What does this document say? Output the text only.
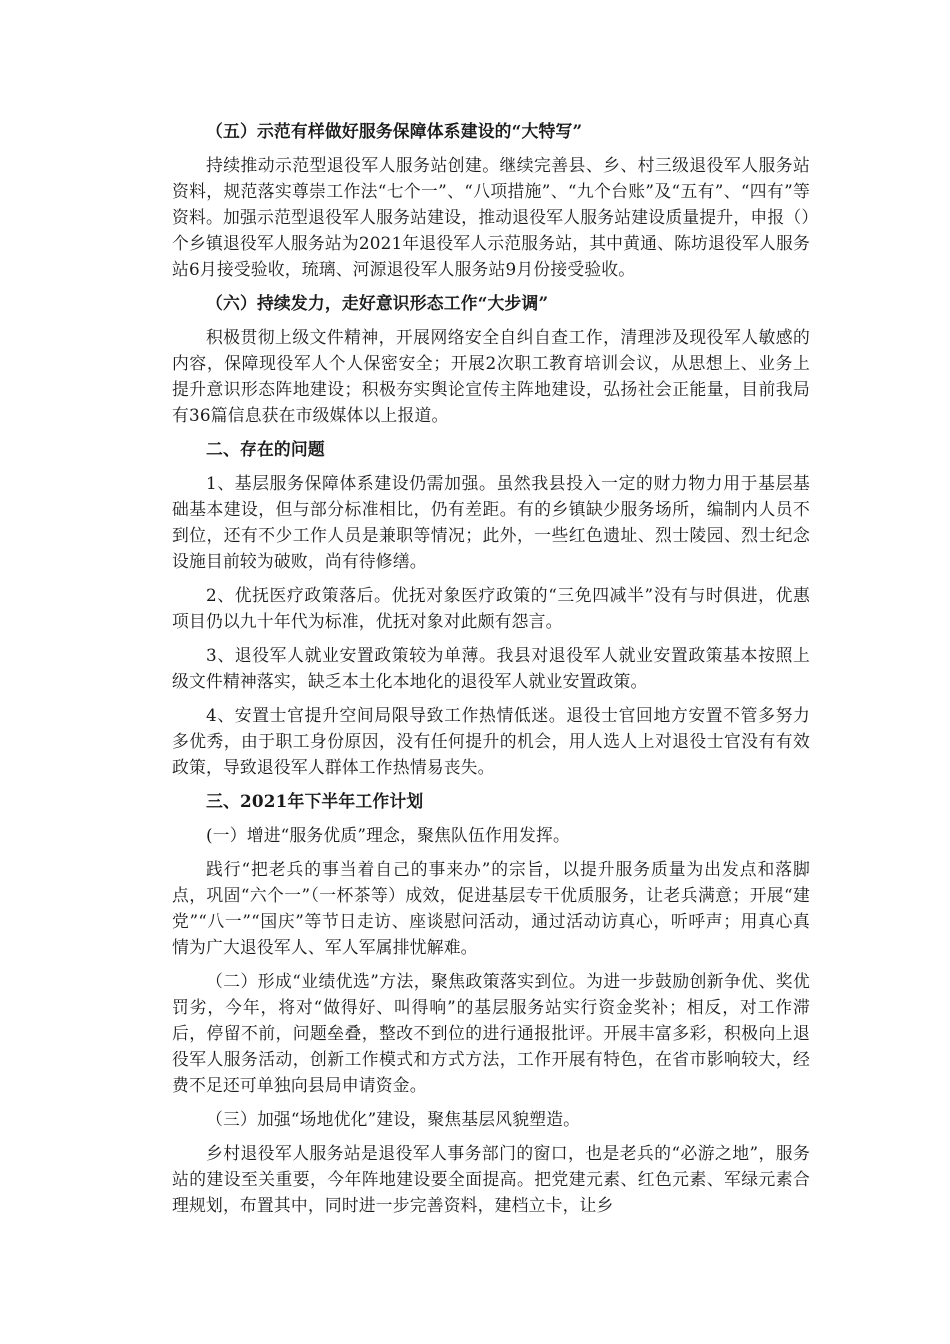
（五）示范有样做好服务保障体系建设的“大特写”

持续推动示范型退役军人服务站创建。继续完善县、乡、村三级退役军人服务站资料，规范落实尊崇工作法“七个一”、“八项措施”、“九个台账”及“五有”、“四有”等资料。加强示范型退役军人服务站建设，推动退役军人服务站建设质量提升，申报（）个乡镇退役军人服务站为2021年退役军人示范服务站，其中黄通、陈坊退役军人服务站6月接受验收，琉璃、河源退役军人服务站9月份接受验收。

（六）持续发力，走好意识形态工作“大步调”

积极贯彻上级文件精神，开展网络安全自纠自查工作，清理涉及现役军人敏感的内容，保障现役军人个人保密安全；开展2次职工教育培训会议，从思想上、业务上提升意识形态阵地建设；积极夯实舆论宣传主阵地建设，弘扬社会正能量，目前我局有36篇信息获在市级媒体以上报道。

二、存在的问题

1、基层服务保障体系建设仍需加强。虽然我县投入一定的财力物力用于基层基础基本建设，但与部分标准相比，仍有差距。有的乡镇缺少服务场所，编制内人员不到位，还有不少工作人员是兼职等情况；此外，一些红色遗址、烈士陵园、烈士纪念设施目前较为破败，尚有待修缮。

2、优抚医疗政策落后。优抚对象医疗政策的“三免四减半”没有与时俱进，优惠项目仍以九十年代为标准，优抚对象对此颇有怨言。

3、退役军人就业安置政策较为单薄。我县对退役军人就业安置政策基本按照上级文件精神落实，缺乏本土化本地化的退役军人就业安置政策。

4、安置士官提升空间局限导致工作热情低迷。退役士官回地方安置不管多努力多优秀，由于职工身份原因，没有任何提升的机会，用人选人上对退役士官没有有效政策，导致退役军人群体工作热情易丧失。

三、2021年下半年工作计划

(一）增进“服务优质”理念，聚焦队伍作用发挥。

践行“把老兵的事当着自己的事来办”的宗旨，以提升服务质量为出发点和落脚点，巩固“六个一”（一杯茶等）成效，促进基层专干优质服务，让老兵满意；开展“建党”“八一”“国庆”等节日走访、座谈慰问活动，通过活动访真心，听呼声；用真心真情为广大退役军人、军人军属排忧解难。

（二）形成“业绩优选”方法，聚焦政策落实到位。为进一步鼓励创新争优、奖优罚劣，今年，将对“做得好、叫得响”的基层服务站实行资金奖补；相反，对工作滞后，停留不前，问题垒叠，整改不到位的进行通报批评。开展丰富多彩，积极向上退役军人服务活动，创新工作模式和方式方法，工作开展有特色，在省市影响较大，经费不足还可单独向县局申请资金。

（三）加强“场地优化”建设，聚焦基层风貌塑造。

乡村退役军人服务站是退役军人事务部门的窗口，也是老兵的“必游之地”，服务站的建设至关重要，今年阵地建设要全面提高。把党建元素、红色元素、军绿元素合理规划，布置其中，同时进一步完善资料，建档立卡，让乡
